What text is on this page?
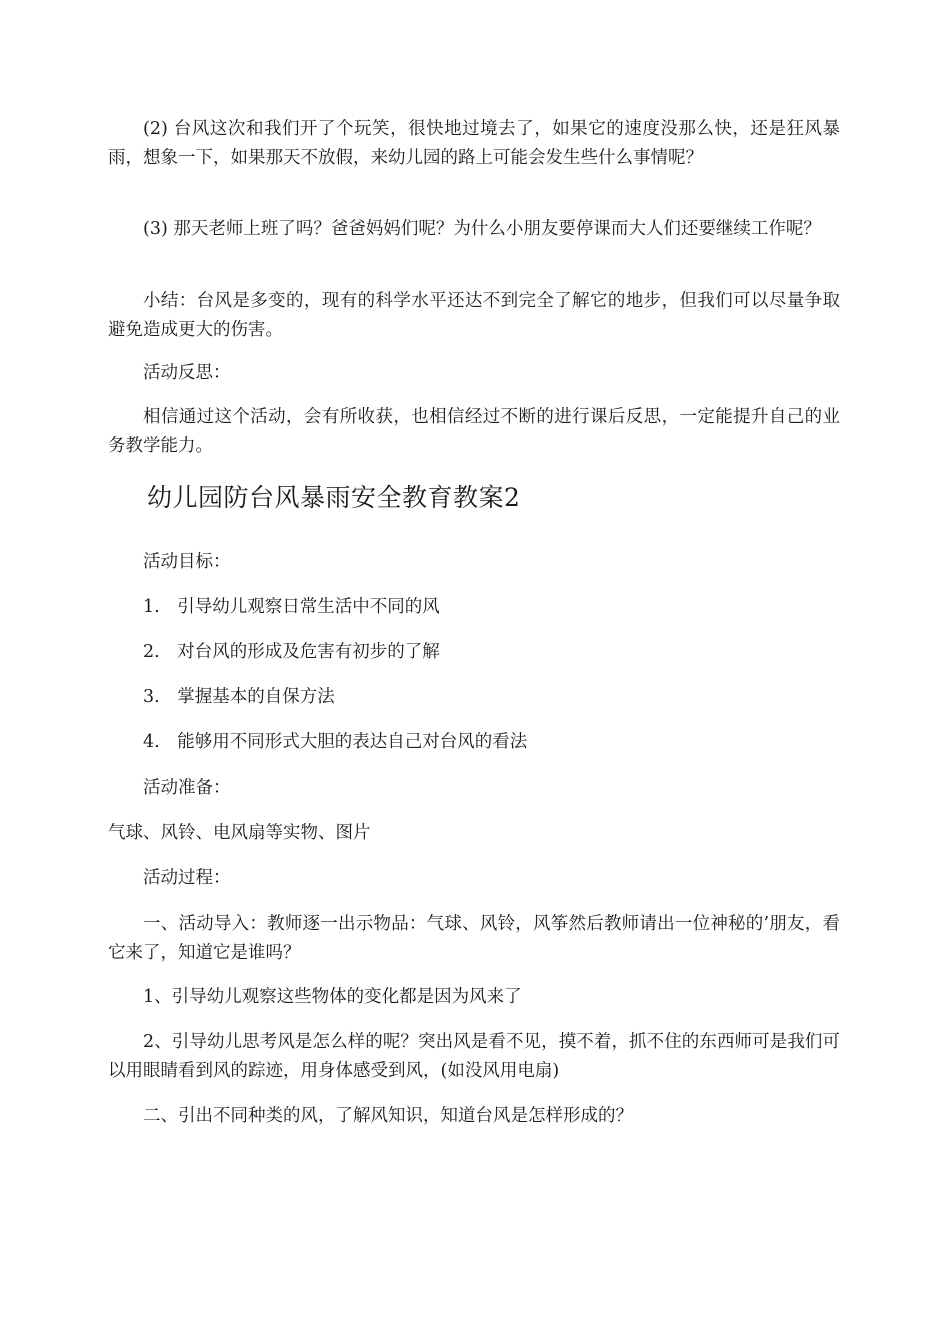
(2) 台风这次和我们开了个玩笑，很快地过境去了，如果它的速度没那么快，还是狂风暴雨，想象一下，如果那天不放假，来幼儿园的路上可能会发生些什么事情呢？

(3) 那天老师上班了吗？爸爸妈妈们呢？为什么小朋友要停课而大人们还要继续工作呢？

小结：台风是多变的，现有的科学水平还达不到完全了解它的地步，但我们可以尽量争取避免造成更大的伤害。

活动反思：

相信通过这个活动，会有所收获，也相信经过不断的进行课后反思，一定能提升自己的业务教学能力。

幼儿园防台风暴雨安全教育教案2

活动目标：

1.　引导幼儿观察日常生活中不同的风

2.　对台风的形成及危害有初步的了解

3.　掌握基本的自保方法

4.　能够用不同形式大胆的表达自己对台风的看法

活动准备：

气球、风铃、电风扇等实物、图片

活动过程：

一、活动导入：教师逐一出示物品：气球、风铃，风筝然后教师请出一位神秘的’朋友，看它来了，知道它是谁吗？

1、引导幼儿观察这些物体的变化都是因为风来了

2、引导幼儿思考风是怎么样的呢？突出风是看不见，摸不着，抓不住的东西师可是我们可以用眼睛看到风的踪迹，用身体感受到风，(如没风用电扇)

二、引出不同种类的风，了解风知识，知道台风是怎样形成的？
